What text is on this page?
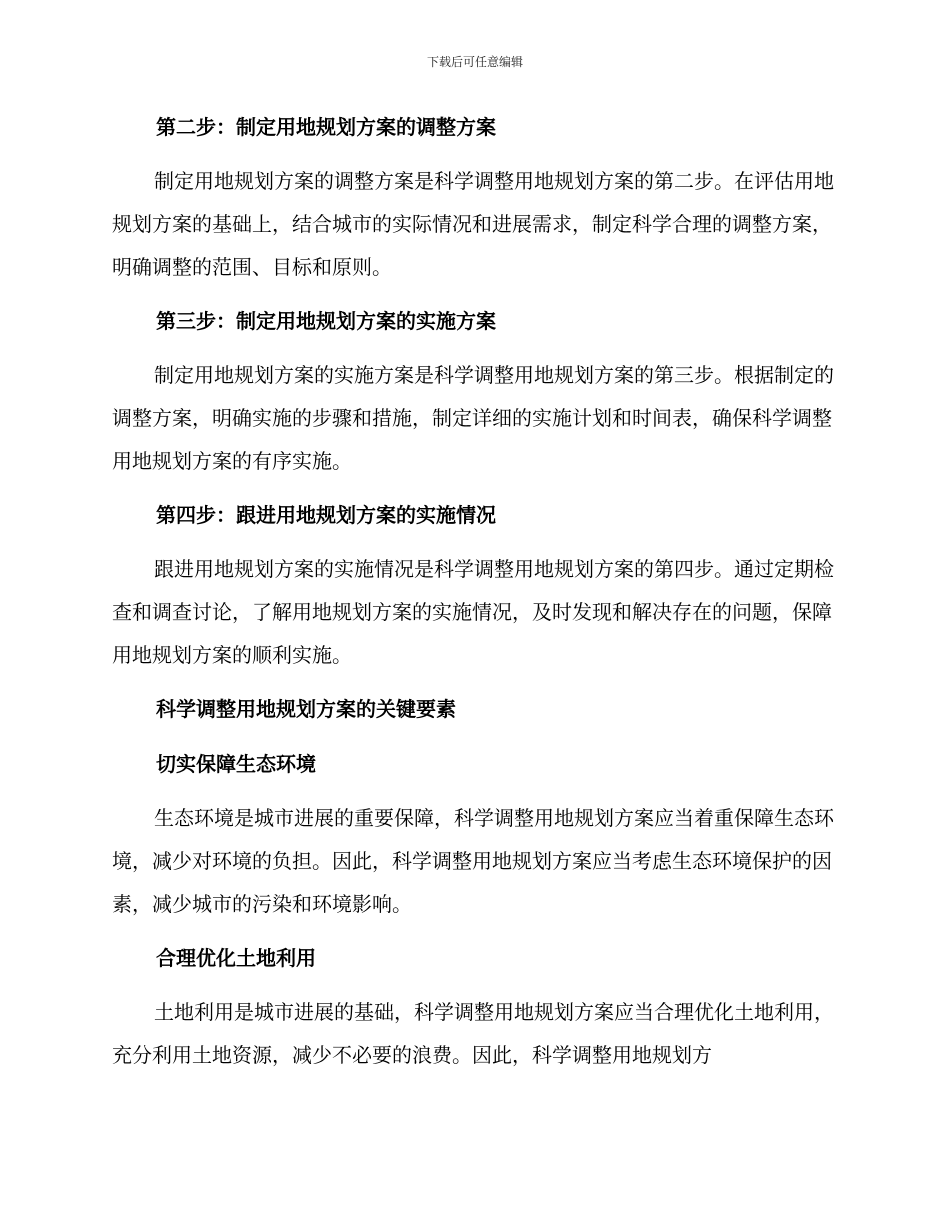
下载后可任意编辑
第二步：制定用地规划方案的调整方案

制定用地规划方案的调整方案是科学调整用地规划方案的第二步。在评估用地规划方案的基础上，结合城市的实际情况和进展需求，制定科学合理的调整方案，明确调整的范围、目标和原则。

第三步：制定用地规划方案的实施方案

制定用地规划方案的实施方案是科学调整用地规划方案的第三步。根据制定的调整方案，明确实施的步骤和措施，制定详细的实施计划和时间表，确保科学调整用地规划方案的有序实施。

第四步：跟进用地规划方案的实施情况

跟进用地规划方案的实施情况是科学调整用地规划方案的第四步。通过定期检查和调查讨论，了解用地规划方案的实施情况，及时发现和解决存在的问题，保障用地规划方案的顺利实施。

科学调整用地规划方案的关键要素
切实保障生态环境

生态环境是城市进展的重要保障，科学调整用地规划方案应当着重保障生态环境，减少对环境的负担。因此，科学调整用地规划方案应当考虑生态环境保护的因素，减少城市的污染和环境影响。

合理优化土地利用

土地利用是城市进展的基础，科学调整用地规划方案应当合理优化土地利用，充分利用土地资源，减少不必要的浪费。因此，科学调整用地规划方
